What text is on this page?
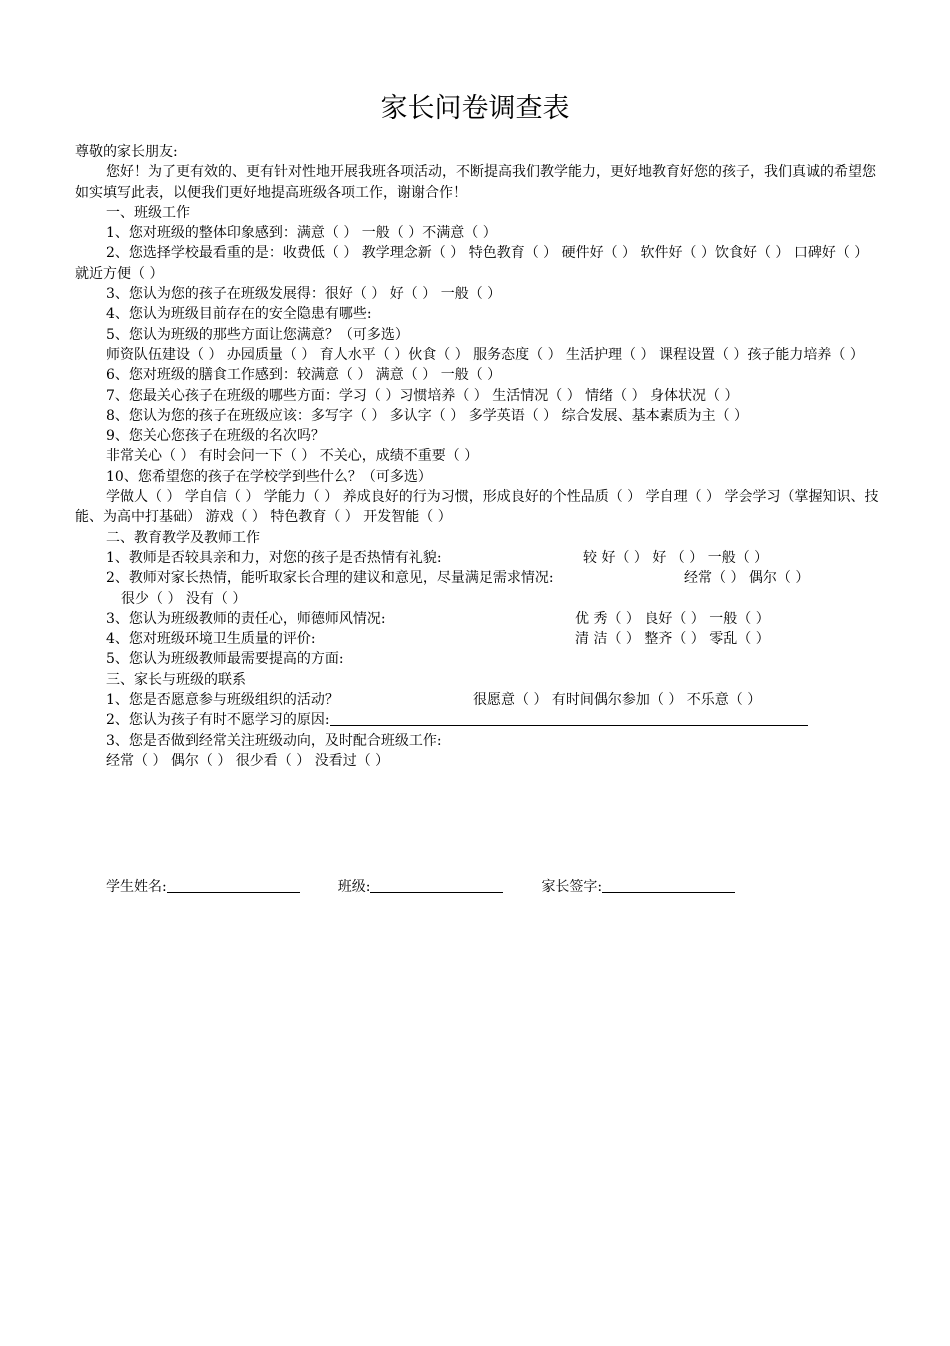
家长问卷调查表
尊敬的家长朋友:
您好！为了更有效的、更有针对性地开展我班各项活动，不断提高我们教学能力，更好地教育好您的孩子，我们真诚的希望您如实填写此表，以便我们更好地提高班级各项工作，谢谢合作！
一、班级工作
1、您对班级的整体印象感到：满意（ ） 一般（ ）不满意（ ）
2、您选择学校最看重的是：收费低（ ） 教学理念新（ ） 特色教育（ ） 硬件好（ ） 软件好（ ）饮食好（ ） 口碑好（ ） 就近方便（ ）
3、您认为您的孩子在班级发展得：很好（ ） 好（ ） 一般（ ）
4、您认为班级目前存在的安全隐患有哪些:
5、您认为班级的那些方面让您满意？（可多选）
师资队伍建设（ ） 办园质量（ ） 育人水平（ ）伙食（ ） 服务态度（ ） 生活护理（ ） 课程设置（ ）孩子能力培养（ ）
6、您对班级的膳食工作感到：较满意（ ） 满意（ ） 一般（ ）
7、您最关心孩子在班级的哪些方面：学习（ ）习惯培养（ ） 生活情况（ ） 情绪（ ） 身体状况（ ）
8、您认为您的孩子在班级应该：多写字（ ） 多认字（ ） 多学英语（ ） 综合发展、基本素质为主（ ）
9、您关心您孩子在班级的名次吗？
非常关心（ ） 有时会问一下（ ） 不关心，成绩不重要（ ）
10、您希望您的孩子在学校学到些什么？（可多选）
学做人（ ） 学自信（ ） 学能力（ ） 养成良好的行为习惯，形成良好的个性品质（ ） 学自理（ ） 学会学习（掌握知识、技能、为高中打基础） 游戏（ ） 特色教育（ ） 开发智能（ ）
二、教育教学及教师工作
1、教师是否较具亲和力，对您的孩子是否热情有礼貌:	较 好（ ） 好 （ ） 一般（ ）
2、教师对家长热情，能听取家长合理的建议和意见，尽量满足需求情况:	经常（ ） 偶尔（ ）
很少（ ） 没有（ ）
3、您认为班级教师的责任心，师德师风情况:	优 秀（ ） 良好（ ） 一般（ ）
4、您对班级环境卫生质量的评价:	清 洁（ ） 整齐（ ） 零乱（ ）
5、您认为班级教师最需要提高的方面:
三、家长与班级的联系
1、您是否愿意参与班级组织的活动？	很愿意（ ） 有时间偶尔参加（ ） 不乐意（ ）
2、您认为孩子有时不愿学习的原因:
3、您是否做到经常关注班级动向，及时配合班级工作:
经常（ ） 偶尔（ ） 很少看（ ） 没看过（ ）
学生姓名:	班级:	家长签字:
